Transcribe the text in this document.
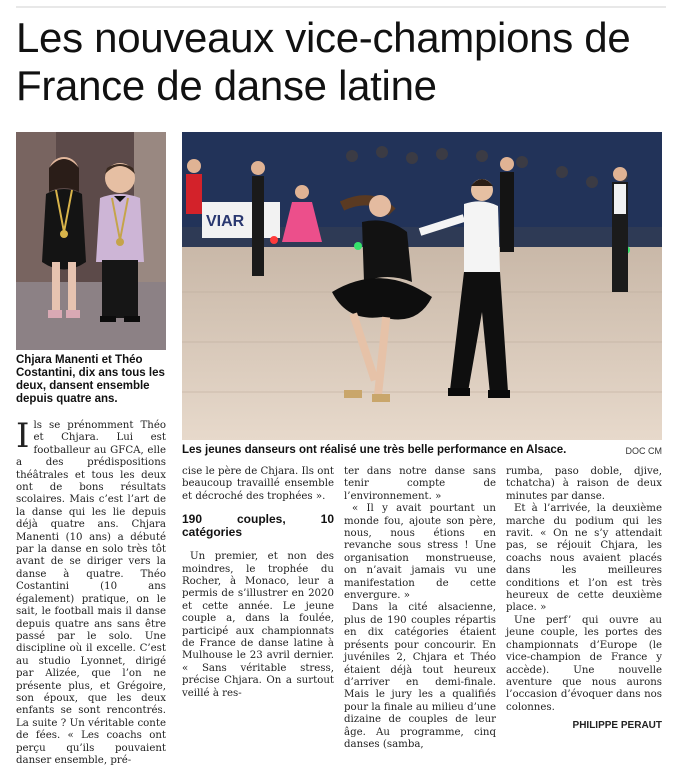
Les nouveaux vice-champions de France de danse latine
VIAR

Chjara Manenti et Théo Costantini, dix ans tous les deux, dansent ensemble depuis quatre ans.

Les jeunes danseurs ont réalisé une très belle performance en Alsace.	DOC CM

Ils se prénomment Théo et Chjara. Lui est footballeur au GFCA, elle a des prédispositions théâtrales et tous les deux ont de bons résultats scolaires. Mais c’est l’art de la danse qui les lie depuis déjà quatre ans. Chjara Manenti (10 ans) a débuté par la danse en solo très tôt avant de se diriger vers la danse à quatre. Théo Costantini (10 ans également) pratique, on le sait, le football mais il danse depuis quatre ans sans être passé par le solo. Une discipline où il excelle. C’est au studio Lyonnet, dirigé par Alizée, que l’on ne présente plus, et Grégoire, son époux, que les deux enfants se sont rencontrés. La suite ? Un véritable conte de fées. « Les coachs ont perçu qu’ils pouvaient danser ensemble, pré-

cise le père de Chjara. Ils ont beaucoup travaillé ensemble et décroché des trophées ».

190 couples, 10 catégories

Un premier, et non des moindres, le trophée du Rocher, à Monaco, leur a permis de s’illustrer en 2020 et cette année. Le jeune couple a, dans la foulée, participé aux championnats de France de danse latine à Mulhouse le 23 avril dernier. « Sans véritable stress, précise Chjara. On a surtout veillé à res-

ter dans notre danse sans tenir compte de l’environnement. »

« Il y avait pourtant un monde fou, ajoute son père, nous, nous étions en revanche sous stress ! Une organisation monstrueuse, on n’avait jamais vu une manifestation de cette envergure. »

Dans la cité alsacienne, plus de 190 couples répartis en dix catégories étaient présents pour concourir. En juvéniles 2, Chjara et Théo étaient déjà tout heureux d’arriver en demi-finale. Mais le jury les a qualifiés pour la finale au milieu d’une dizaine de couples de leur âge. Au programme, cinq danses (samba,

rumba, paso doble, djive, tchatcha) à raison de deux minutes par danse.

Et à l’arrivée, la deuxième marche du podium qui les ravit. « On ne s’y attendait pas, se réjouit Chjara, les coachs nous avaient placés dans les meilleures conditions et l’on est très heureux de cette deuxième place. »

Une perf’ qui ouvre au jeune couple, les portes des championnats d’Europe (le vice-champion de France y accède). Une nouvelle aventure que nous aurons l’occasion d’évoquer dans nos colonnes.

PHILIPPE PERAUT
